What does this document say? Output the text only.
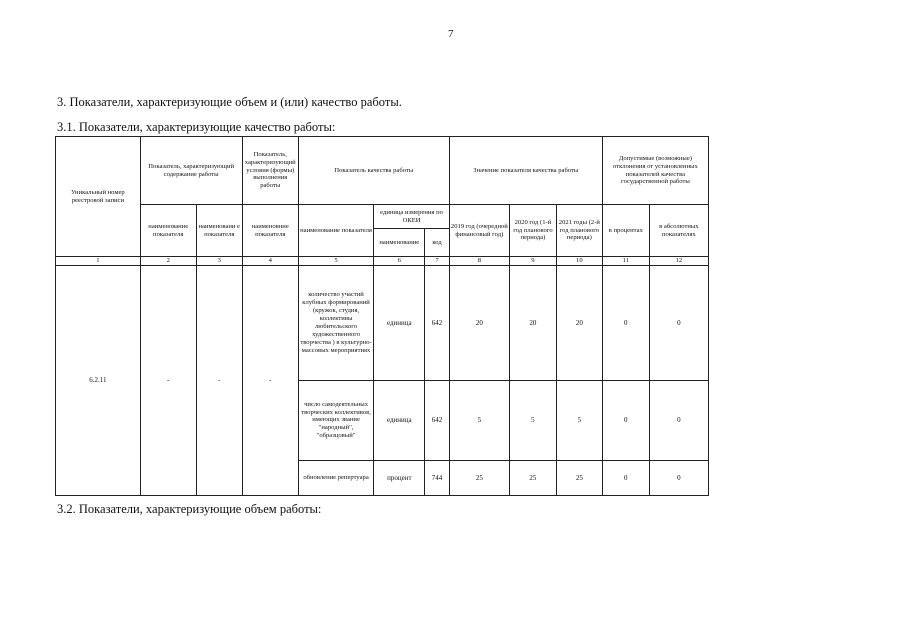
7
3. Показатели, характеризующие объем и (или) качество работы.
3.1. Показатели, характеризующие качество работы:
Уникальный номер реестровой записи	Показатель, характеризующий содержание работы		Показатель, характеризующий условия (формы) выполнения работы	Показатель качества работы			Значение показателя качества работы			Допустимые (возможные) отклонения от установленных показателей качества государственной работы	
	наименование показателя	наименовани е показателя	наименовние показателя	наименование показателя	единица измерения по ОКЕИ		2019 год (очередной финансовый год)	2020 год (1-й год планового периода)	2021 годы (2-й год планового периода)	в процентах	в абсолютных показателях
					наименование	код					
1	2	3	4	5	6	7	8	9	10	11	12
6.2.11	-	-	-	количество участий клубных формирований (кружок, студия, коллективы любительского художественного творчества ) в культурно-массовых мероприятиях	единица	642	20	20	20	0	0
				число самодеятельных творческих коллективов, имеющих звание "народный", "образцовый"	единица	642	5	5	5	0	0
				обновление репертуара	процент	744	25	25	25	0	0
3.2. Показатели, характеризующие объем работы:
